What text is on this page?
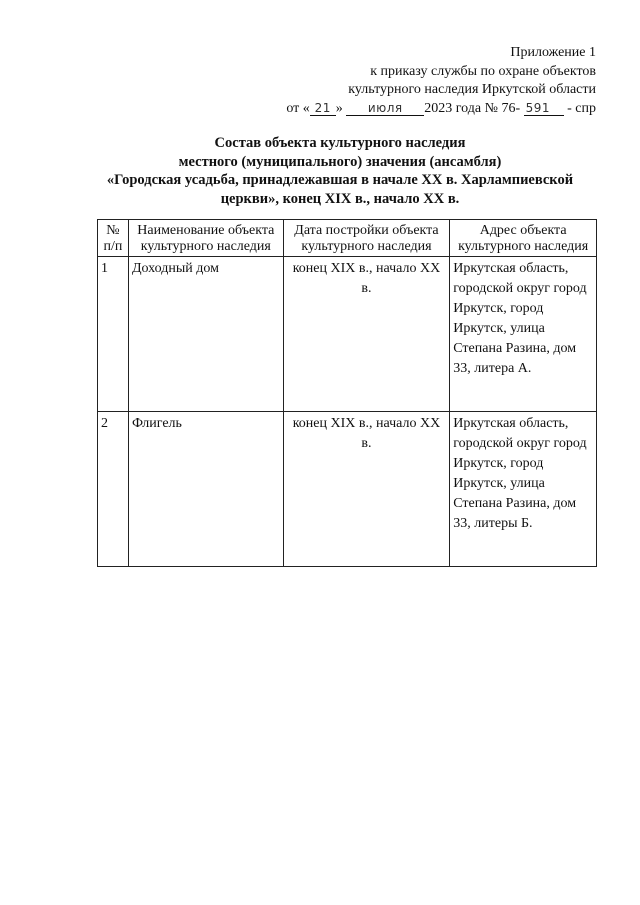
Приложение 1
к приказу службы по охране объектов
культурного наследия Иркутской области
от « 21 » июля 2023 года № 76- 591 - спр
Состав объекта культурного наследия
местного (муниципального) значения (ансамбля)
«Городская усадьба, принадлежавшая в начале XX в. Харлампиевской
церкви», конец XIX в., начало XX в.
№ п/п	Наименование объекта культурного наследия	Дата постройки объекта культурного наследия	Адрес объекта культурного наследия
1	Доходный дом	конец XIX в., начало XX в.	Иркутская область, городской округ город Иркутск, город Иркутск, улица Степана Разина, дом 33, литера А.
2	Флигель	конец XIX в., начало XX в.	Иркутская область, городской округ город Иркутск, город Иркутск, улица Степана Разина, дом 33, литеры Б.
